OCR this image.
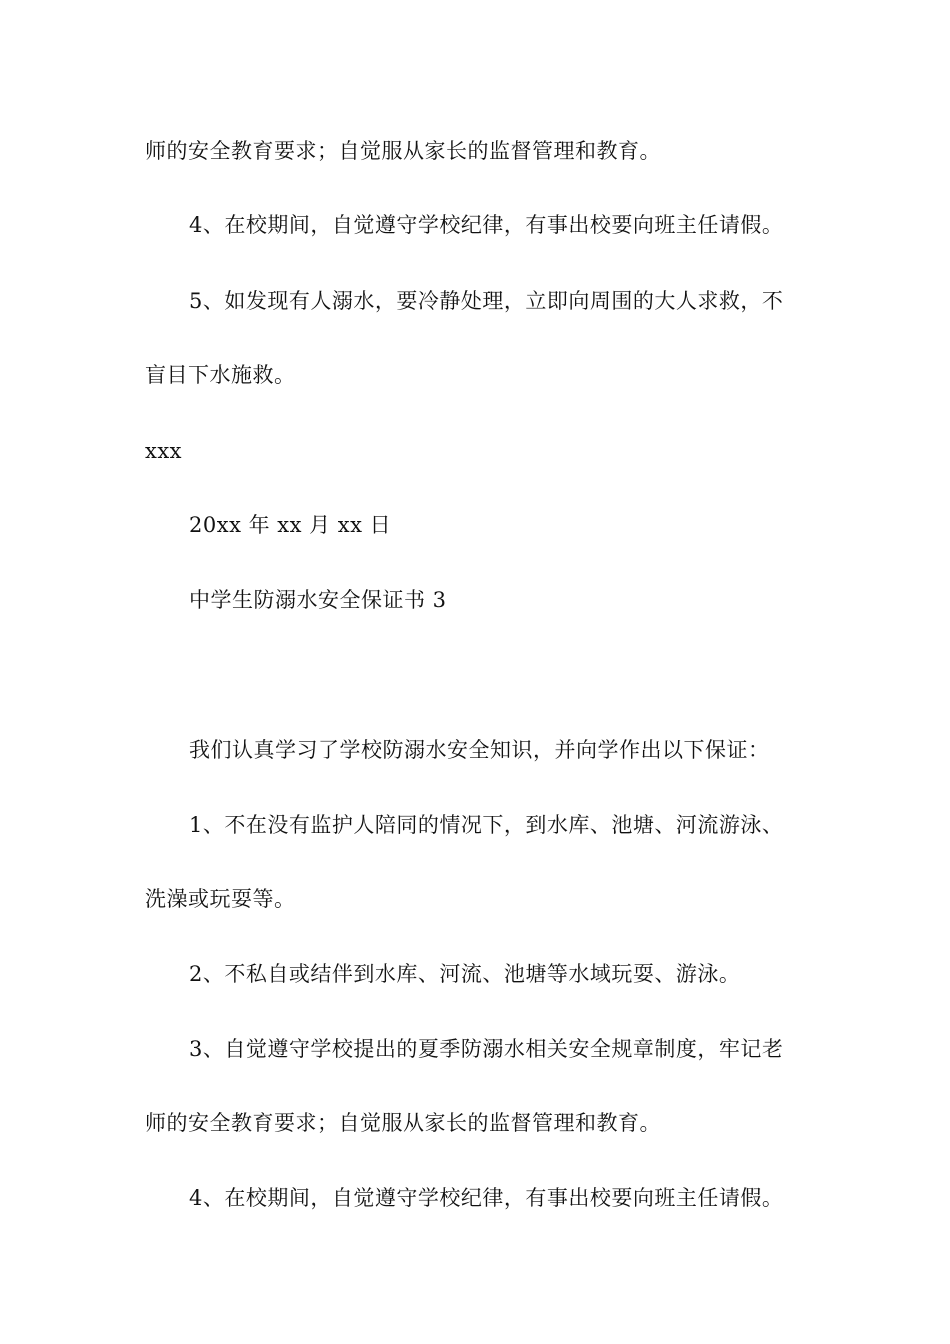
师的安全教育要求；自觉服从家长的监督管理和教育。
4、在校期间，自觉遵守学校纪律，有事出校要向班主任请假。
5、如发现有人溺水，要冷静处理，立即向周围的大人求救，不
盲目下水施救。
xxx
20xx 年 xx 月 xx 日
中学生防溺水安全保证书 3
我们认真学习了学校防溺水安全知识，并向学作出以下保证：
1、不在没有监护人陪同的情况下，到水库、池塘、河流游泳、
洗澡或玩耍等。
2、不私自或结伴到水库、河流、池塘等水域玩耍、游泳。
3、自觉遵守学校提出的夏季防溺水相关安全规章制度，牢记老
师的安全教育要求；自觉服从家长的监督管理和教育。
4、在校期间，自觉遵守学校纪律，有事出校要向班主任请假。
